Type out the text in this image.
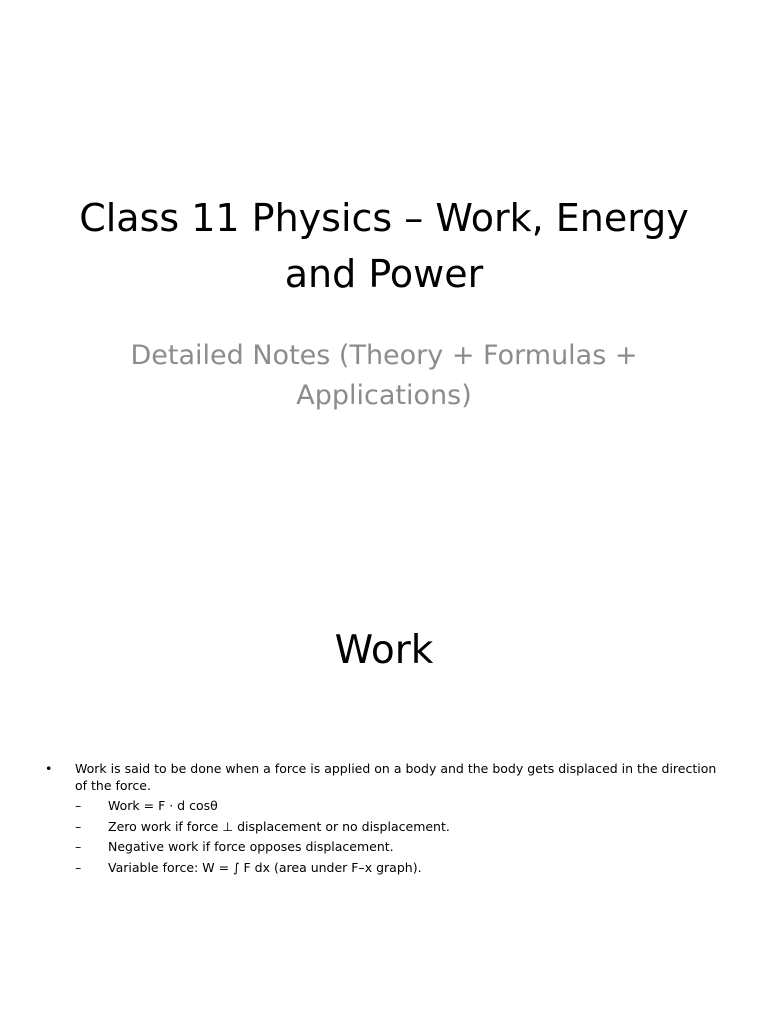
Class 11 Physics – Work, Energy and Power

Detailed Notes (Theory + Formulas + Applications)

Work
• Work is said to be done when a force is applied on a body and the body gets displaced in the direction of the force.
– Work = F · d cosθ
– Zero work if force ⊥ displacement or no displacement.
– Negative work if force opposes displacement.
– Variable force: W = ∫ F dx (area under F–x graph).
